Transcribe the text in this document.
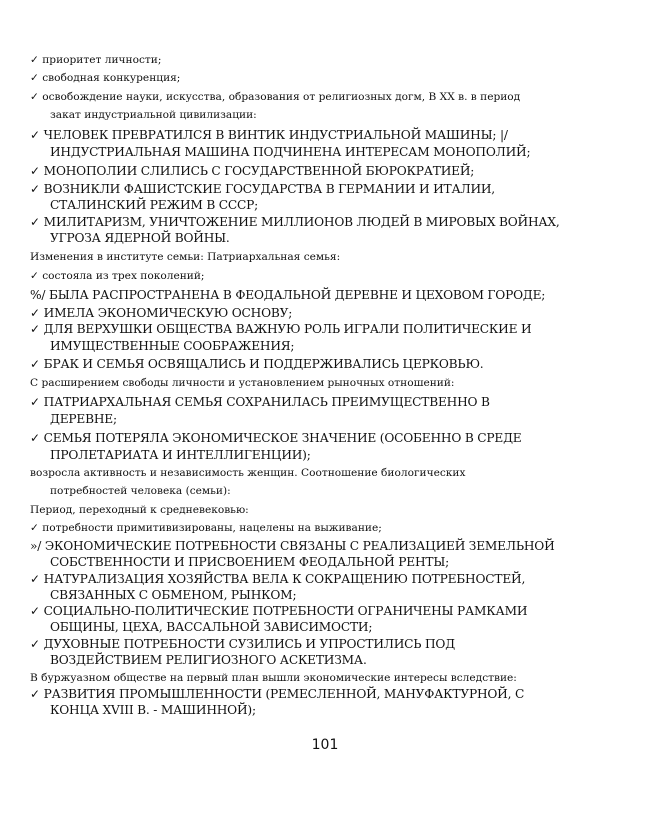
✓ приоритет личности;
✓ свободная конкуренция;
✓ освобождение науки, искусства, образования от религиозных догм, В XX в. в период
закат индустриальной цивилизации:
✓ ЧЕЛОВЕК ПРЕВРАТИЛСЯ В ВИНТИК ИНДУСТРИАЛЬНОЙ МАШИНЫ; |/
ИНДУСТРИАЛЬНАЯ МАШИНА ПОДЧИНЕНА ИНТЕРЕСАМ МОНОПОЛИЙ;
✓ МОНОПОЛИИ СЛИЛИСЬ С ГОСУДАРСТВЕННОЙ БЮРОКРАТИЕЙ;
✓ ВОЗНИКЛИ ФАШИСТСКИЕ ГОСУДАРСТВА В ГЕРМАНИИ И ИТАЛИИ,
СТАЛИНСКИЙ РЕЖИМ В СССР;
✓ МИЛИТАРИЗМ, УНИЧТОЖЕНИЕ МИЛЛИОНОВ ЛЮДЕЙ В МИРОВЫХ ВОЙНАХ,
УГРОЗА ЯДЕРНОЙ ВОЙНЫ.
Изменения в институте семьи: Патриархальная семья:
✓ состояла из трех поколений;
%/ БЫЛА РАСПРОСТРАНЕНА В ФЕОДАЛЬНОЙ ДЕРЕВНЕ И ЦЕХОВОМ ГОРОДЕ;
✓ ИМЕЛА ЭКОНОМИЧЕСКУЮ ОСНОВУ;
✓ ДЛЯ ВЕРХУШКИ ОБЩЕСТВА ВАЖНУЮ РОЛЬ ИГРАЛИ ПОЛИТИЧЕСКИЕ И
ИМУЩЕСТВЕННЫЕ СООБРАЖЕНИЯ;
✓ БРАК И СЕМЬЯ ОСВЯЩАЛИСЬ И ПОДДЕРЖИВАЛИСЬ ЦЕРКОВЬЮ.
С расширением свободы личности и установлением рыночных отношений:
✓ ПАТРИАРХАЛЬНАЯ СЕМЬЯ СОХРАНИЛАСЬ ПРЕИМУЩЕСТВЕННО В
ДЕРЕВНЕ;
✓ СЕМЬЯ ПОТЕРЯЛА ЭКОНОМИЧЕСКОЕ ЗНАЧЕНИЕ (ОСОБЕННО В СРЕДЕ
ПРОЛЕТАРИАТА И ИНТЕЛЛИГЕНЦИИ);
возросла активность и независимость женщин. Соотношение биологических
потребностей человека (семьи):
Период, переходный к средневековью:
✓ потребности примитивизированы, нацелены на выживание;
»/ ЭКОНОМИЧЕСКИЕ ПОТРЕБНОСТИ СВЯЗАНЫ С РЕАЛИЗАЦИЕЙ ЗЕМЕЛЬНОЙ
СОБСТВЕННОСТИ И ПРИСВОЕНИЕМ ФЕОДАЛЬНОЙ РЕНТЫ;
✓ НАТУРАЛИЗАЦИЯ ХОЗЯЙСТВА ВЕЛА К СОКРАЩЕНИЮ ПОТРЕБНОСТЕЙ,
СВЯЗАННЫХ С ОБМЕНОМ, РЫНКОМ;
✓ СОЦИАЛЬНО-ПОЛИТИЧЕСКИЕ ПОТРЕБНОСТИ ОГРАНИЧЕНЫ РАМКАМИ
ОБЩИНЫ, ЦЕХА, ВАССАЛЬНОЙ ЗАВИСИМОСТИ;
✓ ДУХОВНЫЕ ПОТРЕБНОСТИ СУЗИЛИСЬ И УПРОСТИЛИСЬ ПОД
ВОЗДЕЙСТВИЕМ РЕЛИГИОЗНОГО АСКЕТИЗМА.
В буржуазном обществе на первый план вышли экономические интересы вследствие:
✓ РАЗВИТИЯ ПРОМЫШЛЕННОСТИ (РЕМЕСЛЕННОЙ, МАНУФАКТУРНОЙ, С
КОНЦА XVIII В. - МАШИННОЙ);
101
